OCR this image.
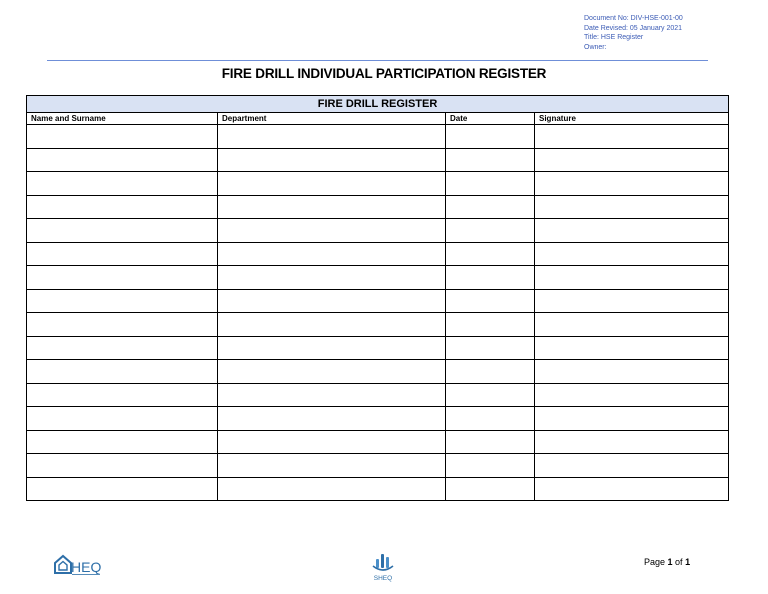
Document No: DIV-HSE-001-00
Date Revised: 05 January 2021
Title: HSE Register
Owner:
FIRE DRILL INDIVIDUAL PARTICIPATION REGISTER
FIRE DRILL REGISTER			
Name and Surname	Department	Date	Signature

HEQ
SHEQ
Page 1 of 1
